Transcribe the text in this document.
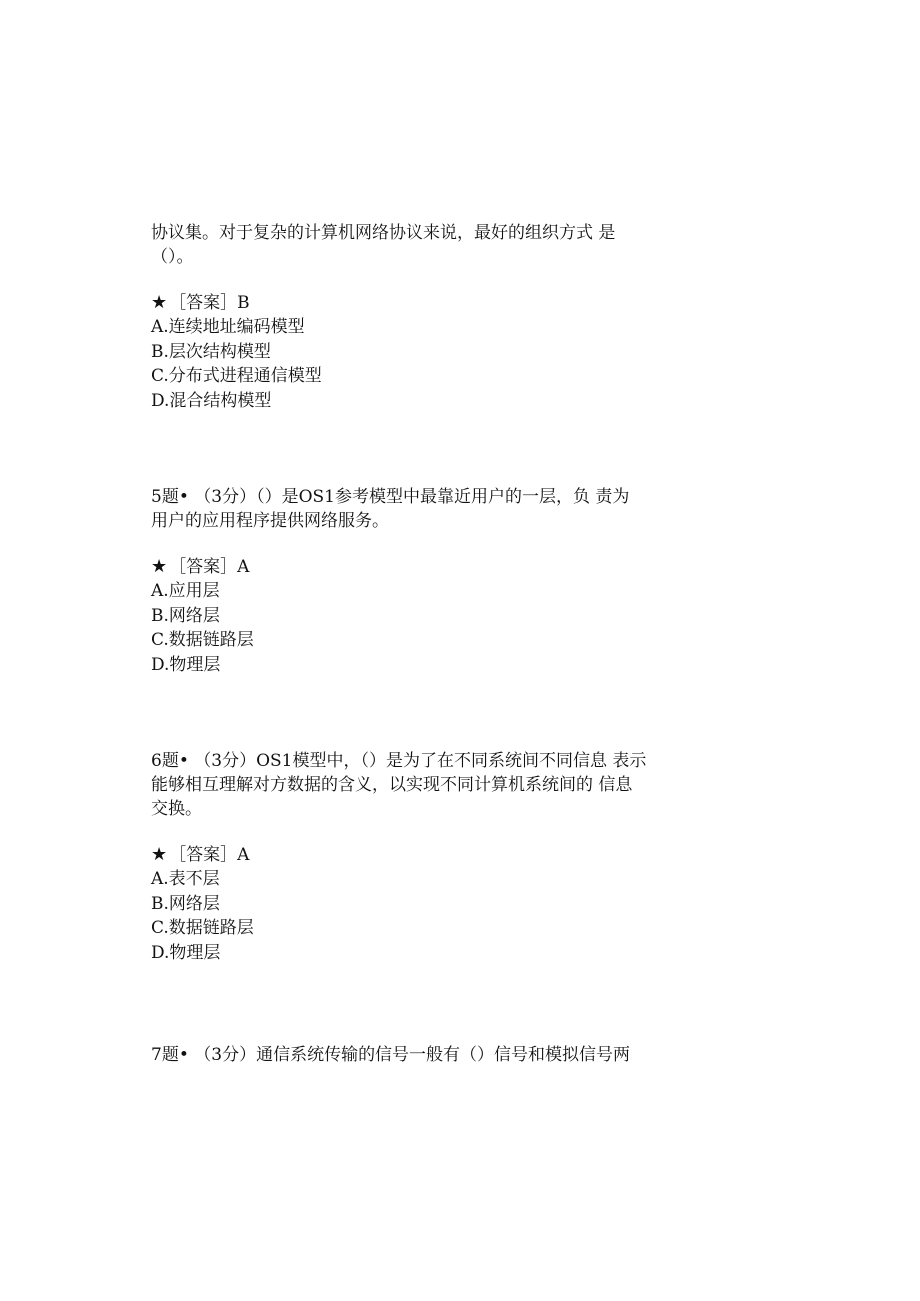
协议集。对于复杂的计算机网络协议来说，最好的组织方式 是
（）。
★ ［答案］B
A.连续地址编码模型
B.层次结构模型
C.分布式进程通信模型
D.混合结构模型
5题• （3分）（）是OS1参考模型中最靠近用户的一层，负 责为
用户的应用程序提供网络服务。
★ ［答案］A
A.应用层
B.网络层
C.数据链路层
D.物理层
6题• （3分）OS1模型中，（）是为了在不同系统间不同信息 表示
能够相互理解对方数据的含义，以实现不同计算机系统间的 信息
交换。
★ ［答案］A
A.表不层
B.网络层
C.数据链路层
D.物理层
7题• （3分）通信系统传输的信号一般有（）信号和模拟信号两
